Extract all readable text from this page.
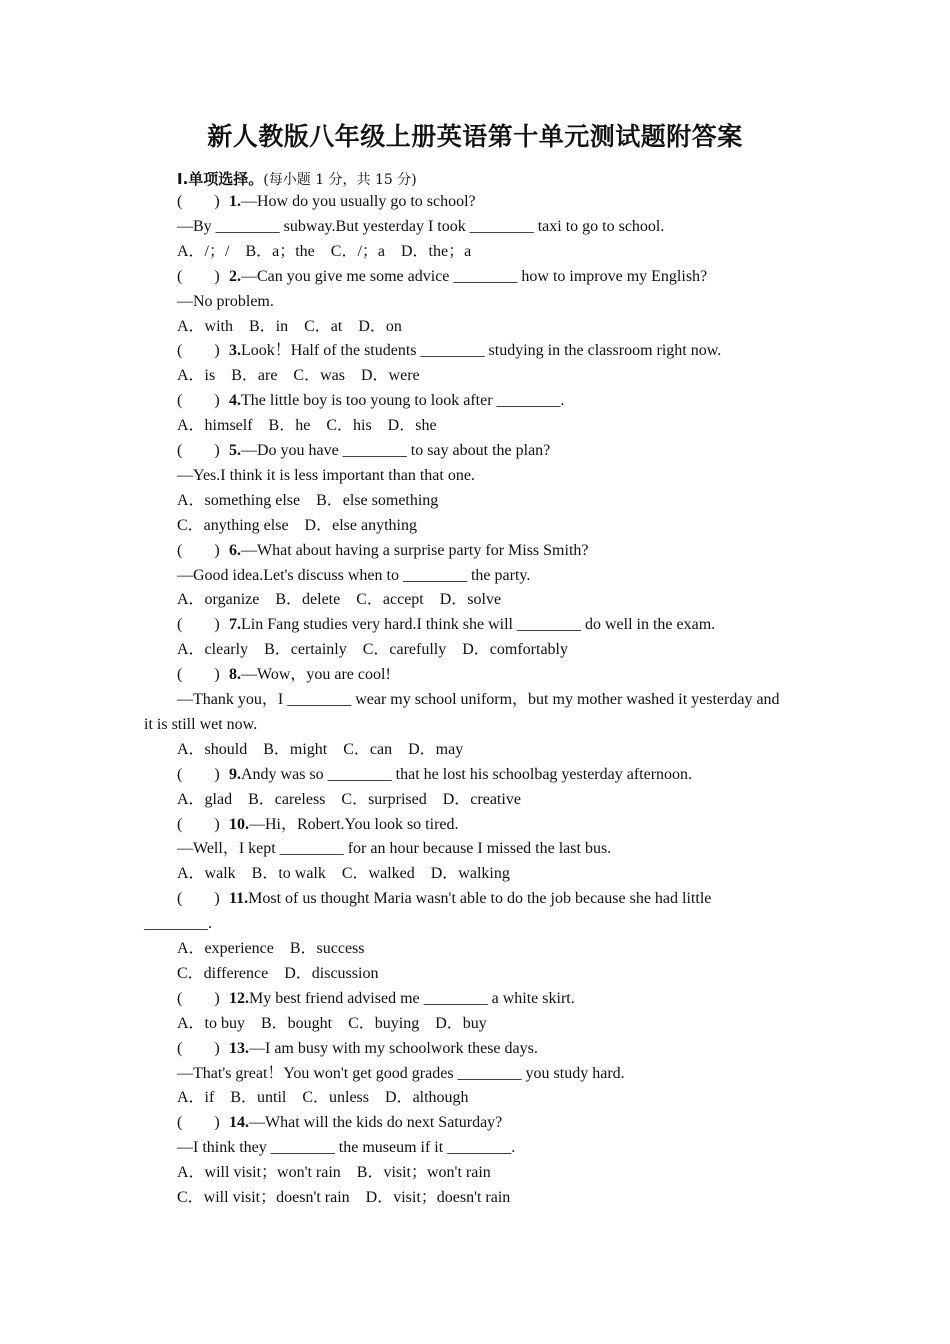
新人教版八年级上册英语第十单元测试题附答案
Ⅰ.单项选择。(每小题 1 分，共 15 分)
(　　) 1.—How do you usually go to school?
—By ________ subway.But yesterday I took ________ taxi to go to school.
A．/；/　B．a；the　C．/；a　D．the；a
(　　) 2.—Can you give me some advice ________ how to improve my English?
—No problem.
A．with　B．in　C．at　D．on
(　　) 3.Look！Half of the students ________ studying in the classroom right now.
A．is　B．are　C．was　D．were
(　　) 4.The little boy is too young to look after ________.
A．himself　B．he　C．his　D．she
(　　) 5.—Do you have ________ to say about the plan?
—Yes.I think it is less important than that one.
A．something else　B．else something
C．anything else　D．else anything
(　　) 6.—What about having a surprise party for Miss Smith?
—Good idea.Let's discuss when to ________ the party.
A．organize　B．delete　C．accept　D．solve
(　　) 7.Lin Fang studies very hard.I think she will ________ do well in the exam.
A．clearly　B．certainly　C．carefully　D．comfortably
(　　) 8.—Wow，you are cool!
—Thank you，I ________ wear my school uniform，but my mother washed it yesterday and
it is still wet now.
A．should　B．might　C．can　D．may
(　　) 9.Andy was so ________ that he lost his schoolbag yesterday afternoon.
A．glad　B．careless　C．surprised　D．creative
(　　) 10.—Hi，Robert.You look so tired.
—Well，I kept ________ for an hour because I missed the last bus.
A．walk　B．to walk　C．walked　D．walking
(　　) 11.Most of us thought Maria wasn't able to do the job because she had little
________.
A．experience　B．success
C．difference　D．discussion
(　　) 12.My best friend advised me ________ a white skirt.
A．to buy　B．bought　C．buying　D．buy
(　　) 13.—I am busy with my schoolwork these days.
—That's great！You won't get good grades ________ you study hard.
A．if　B．until　C．unless　D．although
(　　) 14.—What will the kids do next Saturday?
—I think they ________ the museum if it ________.
A．will visit；won't rain　B．visit；won't rain
C．will visit；doesn't rain　D．visit；doesn't rain
